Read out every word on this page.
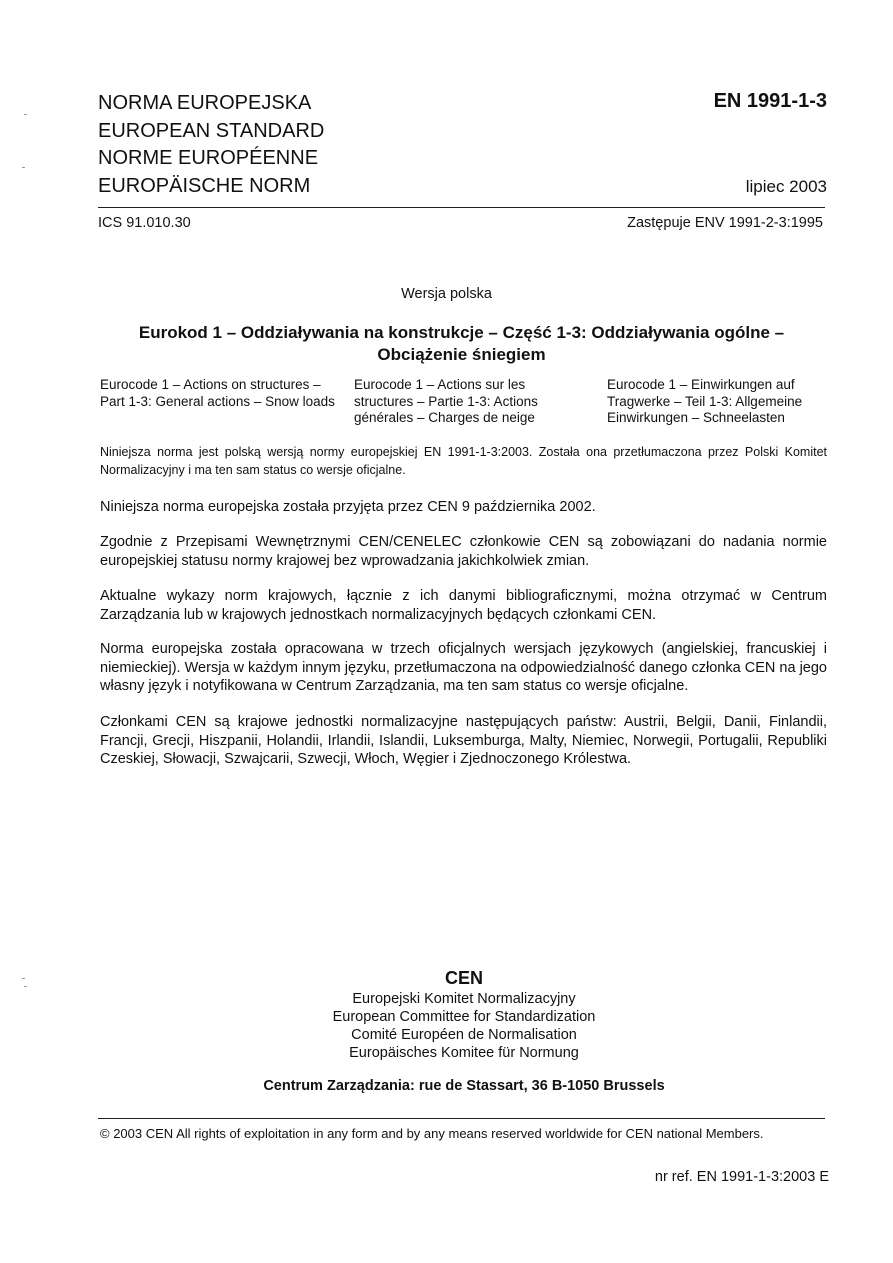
NORMA EUROPEJSKA
EUROPEAN STANDARD
NORME EUROPÉENNE
EUROPÄISCHE NORM
EN 1991-1-3
lipiec 2003
ICS 91.010.30	Zastępuje ENV 1991-2-3:1995
Wersja polska
Eurokod 1 – Oddziaływania na konstrukcje – Część 1-3: Oddziaływania ogólne –
Obciążenie śniegiem
Eurocode 1 – Actions on structures – Part 1-3: General actions – Snow loads
Eurocode 1 – Actions sur les structures – Partie 1-3: Actions générales – Charges de neige
Eurocode 1 – Einwirkungen auf Tragwerke – Teil 1-3: Allgemeine Einwirkungen – Schneelasten
Niniejsza norma jest polską wersją normy europejskiej EN 1991-1-3:2003. Została ona przetłumaczona przez Polski Komitet Normalizacyjny i ma ten sam status co wersje oficjalne.
Niniejsza norma europejska została przyjęta przez CEN 9 października 2002.
Zgodnie z Przepisami Wewnętrznymi CEN/CENELEC członkowie CEN są zobowiązani do nadania normie europejskiej statusu normy krajowej bez wprowadzania jakichkolwiek zmian.
Aktualne wykazy norm krajowych, łącznie z ich danymi bibliograficznymi, można otrzymać w Centrum Zarządzania lub w krajowych jednostkach normalizacyjnych będących członkami CEN.
Norma europejska została opracowana w trzech oficjalnych wersjach językowych (angielskiej, francuskiej i niemieckiej). Wersja w każdym innym języku, przetłumaczona na odpowiedzialność danego członka CEN na jego własny język i notyfikowana w Centrum Zarządzania, ma ten sam status co wersje oficjalne.
Członkami CEN są krajowe jednostki normalizacyjne następujących państw: Austrii, Belgii, Danii, Finlandii, Francji, Grecji, Hiszpanii, Holandii, Irlandii, Islandii, Luksemburga, Malty, Niemiec, Norwegii, Portugalii, Republiki Czeskiej, Słowacji, Szwajcarii, Szwecji, Włoch, Węgier i Zjednoczonego Królestwa.
CEN
Europejski Komitet Normalizacyjny
European Committee for Standardization
Comité Européen de Normalisation
Europäisches Komitee für Normung
Centrum Zarządzania: rue de Stassart, 36 B-1050 Brussels
© 2003 CEN All rights of exploitation in any form and by any means reserved worldwide for CEN national Members.
nr ref. EN 1991-1-3:2003 E
